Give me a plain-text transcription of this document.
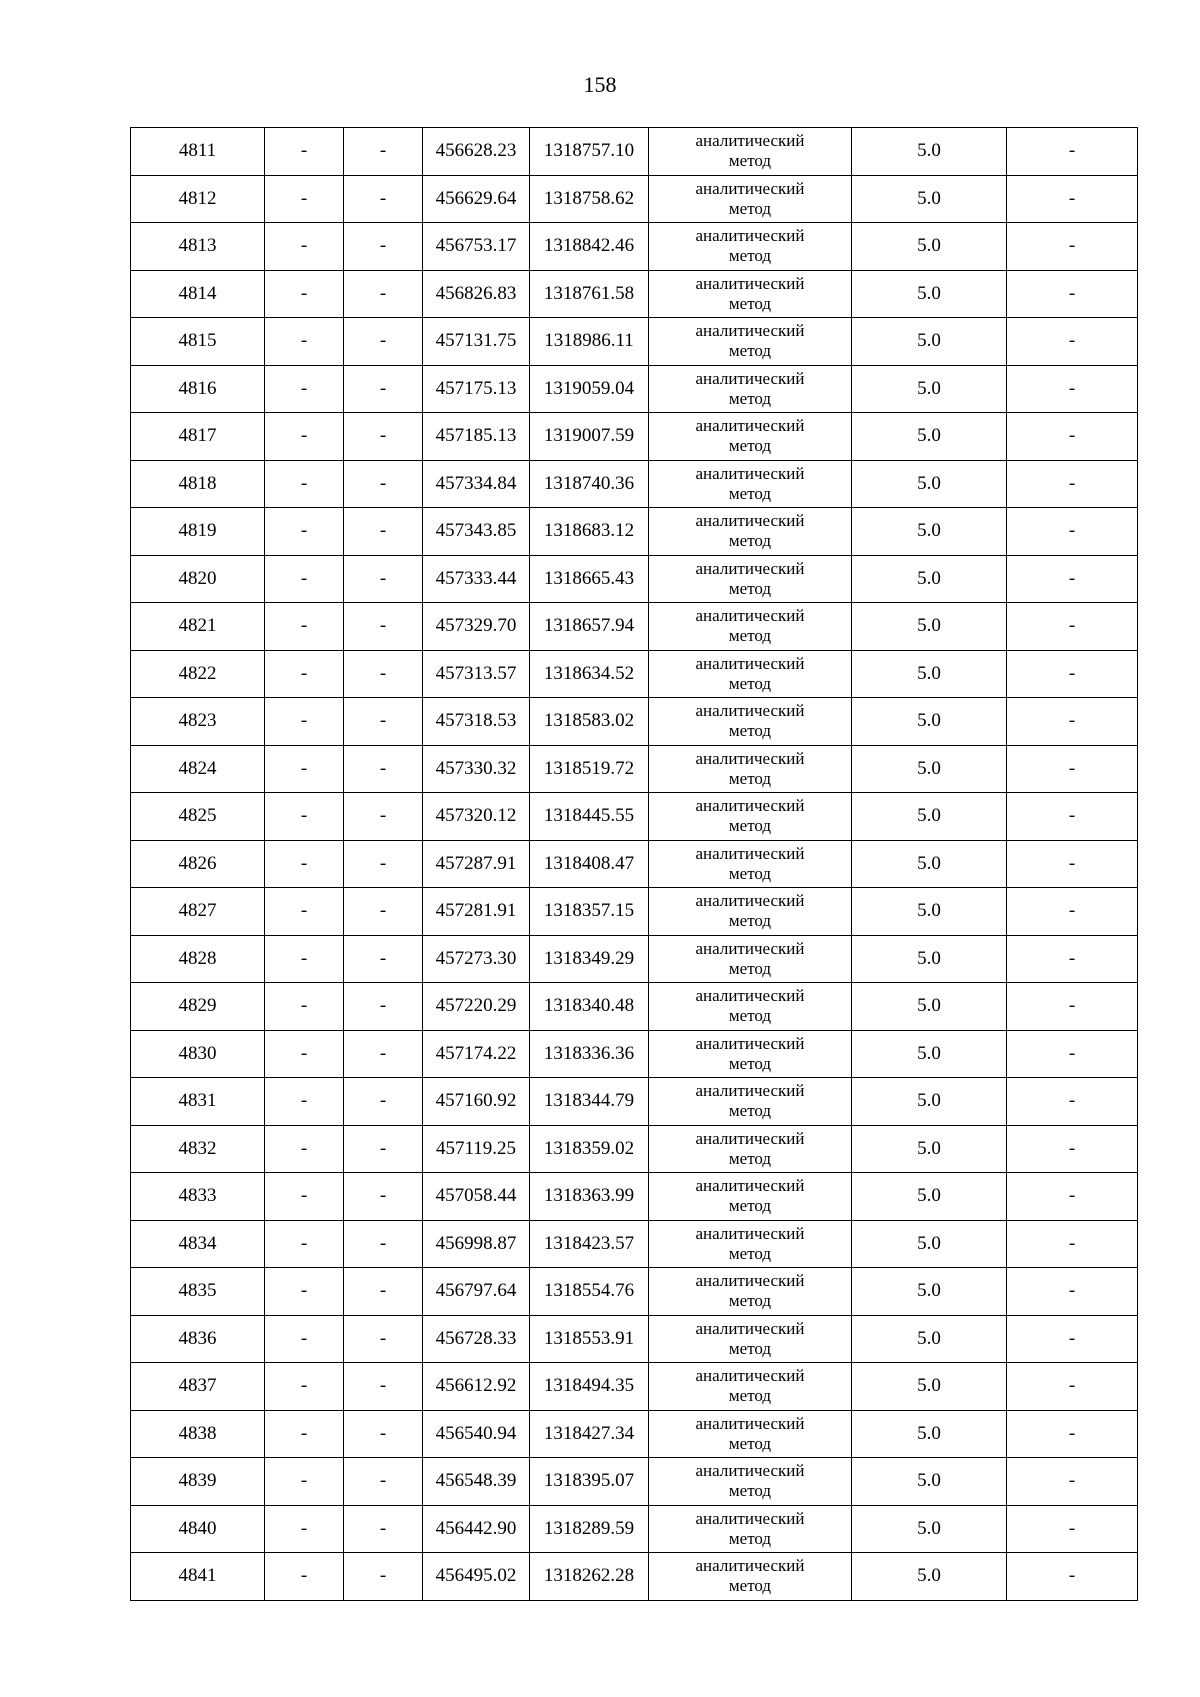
158
4811	-	-	456628.23	1318757.10	аналитический
метод	5.0	-
4812	-	-	456629.64	1318758.62	аналитический
метод	5.0	-
4813	-	-	456753.17	1318842.46	аналитический
метод	5.0	-
4814	-	-	456826.83	1318761.58	аналитический
метод	5.0	-
4815	-	-	457131.75	1318986.11	аналитический
метод	5.0	-
4816	-	-	457175.13	1319059.04	аналитический
метод	5.0	-
4817	-	-	457185.13	1319007.59	аналитический
метод	5.0	-
4818	-	-	457334.84	1318740.36	аналитический
метод	5.0	-
4819	-	-	457343.85	1318683.12	аналитический
метод	5.0	-
4820	-	-	457333.44	1318665.43	аналитический
метод	5.0	-
4821	-	-	457329.70	1318657.94	аналитический
метод	5.0	-
4822	-	-	457313.57	1318634.52	аналитический
метод	5.0	-
4823	-	-	457318.53	1318583.02	аналитический
метод	5.0	-
4824	-	-	457330.32	1318519.72	аналитический
метод	5.0	-
4825	-	-	457320.12	1318445.55	аналитический
метод	5.0	-
4826	-	-	457287.91	1318408.47	аналитический
метод	5.0	-
4827	-	-	457281.91	1318357.15	аналитический
метод	5.0	-
4828	-	-	457273.30	1318349.29	аналитический
метод	5.0	-
4829	-	-	457220.29	1318340.48	аналитический
метод	5.0	-
4830	-	-	457174.22	1318336.36	аналитический
метод	5.0	-
4831	-	-	457160.92	1318344.79	аналитический
метод	5.0	-
4832	-	-	457119.25	1318359.02	аналитический
метод	5.0	-
4833	-	-	457058.44	1318363.99	аналитический
метод	5.0	-
4834	-	-	456998.87	1318423.57	аналитический
метод	5.0	-
4835	-	-	456797.64	1318554.76	аналитический
метод	5.0	-
4836	-	-	456728.33	1318553.91	аналитический
метод	5.0	-
4837	-	-	456612.92	1318494.35	аналитический
метод	5.0	-
4838	-	-	456540.94	1318427.34	аналитический
метод	5.0	-
4839	-	-	456548.39	1318395.07	аналитический
метод	5.0	-
4840	-	-	456442.90	1318289.59	аналитический
метод	5.0	-
4841	-	-	456495.02	1318262.28	аналитический
метод	5.0	-
